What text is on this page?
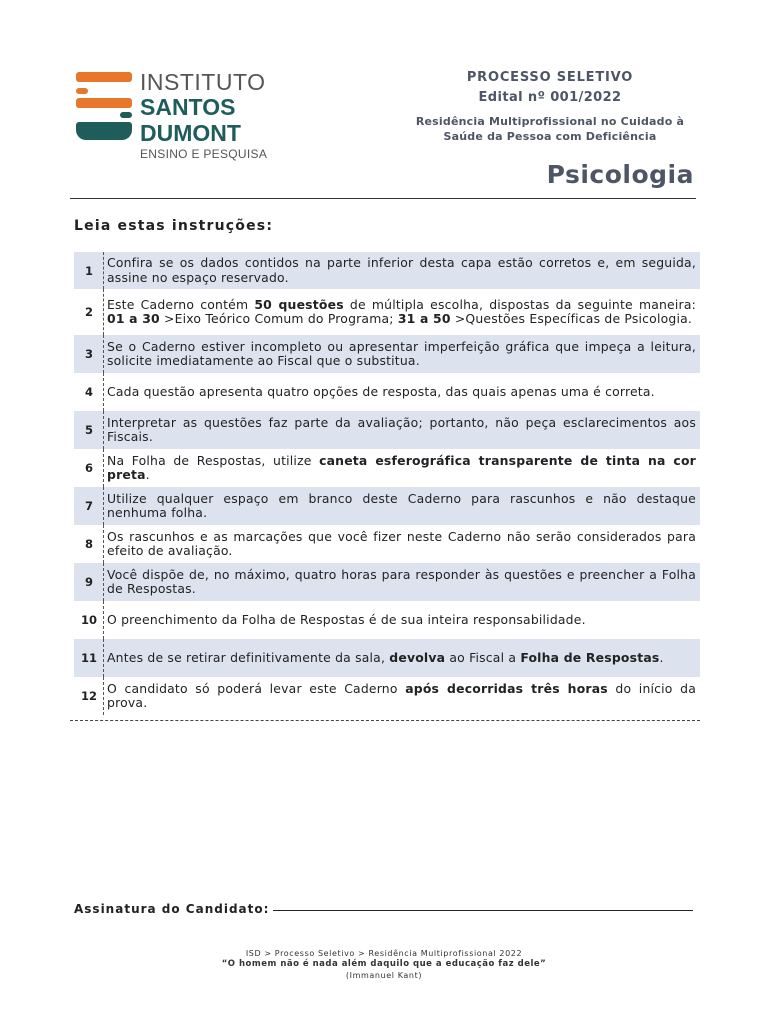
INSTITUTO
SANTOS DUMONT
ENSINO E PESQUISA
PROCESSO SELETIVO
Edital nº 001/2022
Residência Multiprofissional no Cuidado à
Saúde da Pessoa com Deficiência
Psicologia
Leia estas instruções:
1
Confira se os dados contidos na parte inferior desta capa estão corretos e, em seguida, assine no espaço reservado.
2
Este Caderno contém 50 questões de múltipla escolha, dispostas da seguinte maneira: 01 a 30 >Eixo Teórico Comum do Programa; 31 a 50 >Questões Específicas de Psicologia.
3
Se o Caderno estiver incompleto ou apresentar imperfeição gráfica que impeça a leitura, solicite imediatamente ao Fiscal que o substitua.
4	Cada questão apresenta quatro opções de resposta, das quais apenas uma é correta.
5
Interpretar as questões faz parte da avaliação; portanto, não peça esclarecimentos aos Fiscais.
6
Na Folha de Respostas, utilize caneta esferográfica transparente de tinta na cor preta.
7
Utilize qualquer espaço em branco deste Caderno para rascunhos e não destaque nenhuma folha.
8
Os rascunhos e as marcações que você fizer neste Caderno não serão considerados para efeito de avaliação.
9
Você dispõe de, no máximo, quatro horas para responder às questões e preencher a Folha de Respostas.
10 O preenchimento da Folha de Respostas é de sua inteira responsabilidade.
11 Antes de se retirar definitivamente da sala, devolva ao Fiscal a Folha de Respostas.
12
O candidato só poderá levar este Caderno após decorridas três horas do início da prova.
Assinatura do Candidato:
ISD > Processo Seletivo > Residência Multiprofissional 2022
“O homem não é nada além daquilo que a educação faz dele”
(Immanuel Kant)
